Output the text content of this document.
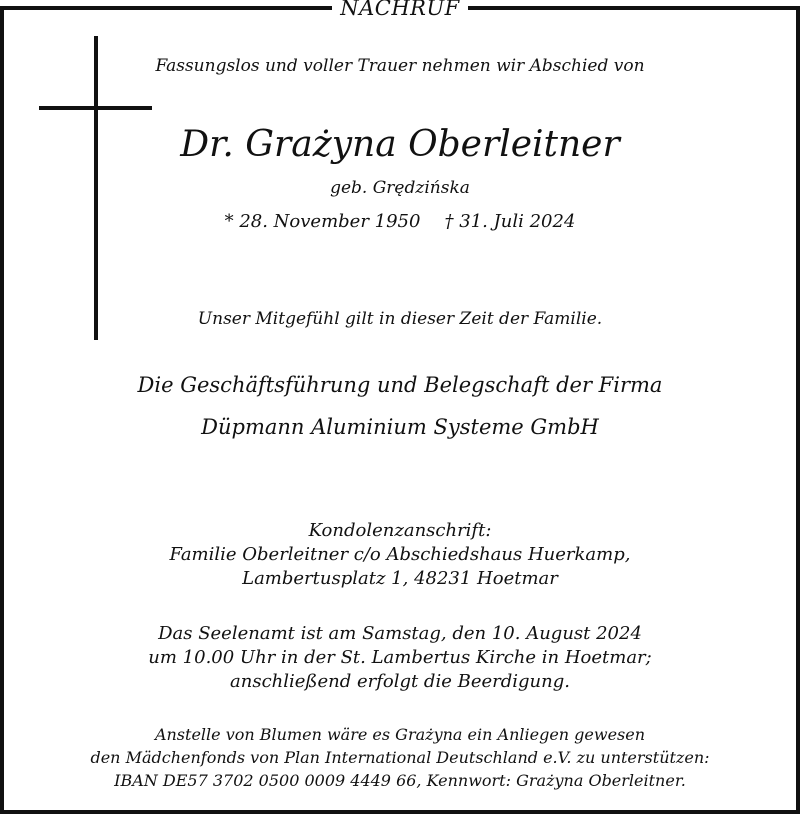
NACHRUF
Fassungslos und voller Trauer nehmen wir Abschied von
Dr. Grażyna Oberleitner
geb. Grędzińska
* 28. November 1950 † 31. Juli 2024
Unser Mitgefühl gilt in dieser Zeit der Familie.
Die Geschäftsführung und Belegschaft der Firma
Düpmann Aluminium Systeme GmbH
Kondolenzanschrift:
Familie Oberleitner c/o Abschiedshaus Huerkamp,
Lambertusplatz 1, 48231 Hoetmar
Das Seelenamt ist am Samstag, den 10. August 2024
um 10.00 Uhr in der St. Lambertus Kirche in Hoetmar;
anschließend erfolgt die Beerdigung.
Anstelle von Blumen wäre es Grażyna ein Anliegen gewesen
den Mädchenfonds von Plan International Deutschland e.V. zu unterstützen:
IBAN DE57 3702 0500 0009 4449 66, Kennwort: Grażyna Oberleitner.
